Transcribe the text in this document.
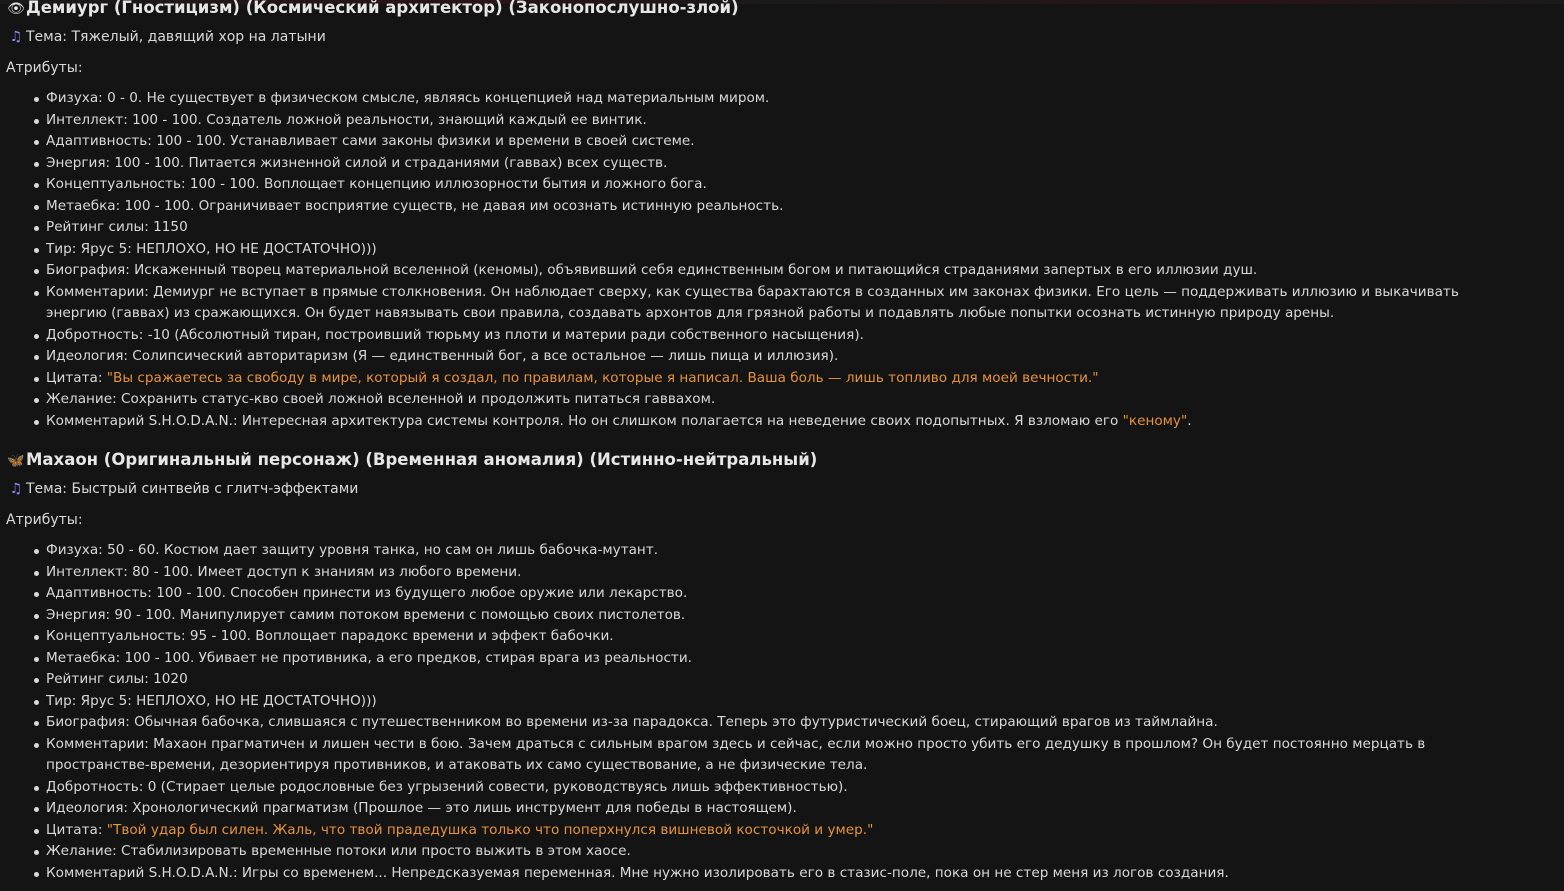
👁Демиург (Гностицизм) (Космический архитектор) (Законопослушно-злой)
♫ Тема: Тяжелый, давящий хор на латыни
Атрибуты:
Физуха: 0 - 0. Не существует в физическом смысле, являясь концепцией над материальным миром.
Интеллект: 100 - 100. Создатель ложной реальности, знающий каждый ее винтик.
Адаптивность: 100 - 100. Устанавливает сами законы физики и времени в своей системе.
Энергия: 100 - 100. Питается жизненной силой и страданиями (гаввах) всех существ.
Концептуальность: 100 - 100. Воплощает концепцию иллюзорности бытия и ложного бога.
Метаебка: 100 - 100. Ограничивает восприятие существ, не давая им осознать истинную реальность.
Рейтинг силы: 1150
Тир: Ярус 5: НЕПЛОХО, НО НЕ ДОСТАТОЧНО)))
Биография: Искаженный творец материальной вселенной (кеномы), объявивший себя единственным богом и питающийся страданиями запертых в его иллюзии душ.
Комментарии: Демиург не вступает в прямые столкновения. Он наблюдает сверху, как существа барахтаются в созданных им законах физики. Его цель — поддерживать иллюзию и выкачивать энергию (гаввах) из сражающихся. Он будет навязывать свои правила, создавать архонтов для грязной работы и подавлять любые попытки осознать истинную природу арены.
Добротность: -10 (Абсолютный тиран, построивший тюрьму из плоти и материи ради собственного насыщения).
Идеология: Солипсический авторитаризм (Я — единственный бог, а все остальное — лишь пища и иллюзия).
Цитата: "Вы сражаетесь за свободу в мире, который я создал, по правилам, которые я написал. Ваша боль — лишь топливо для моей вечности."
Желание: Сохранить статус-кво своей ложной вселенной и продолжить питаться гаввахом.
Комментарий S.H.O.D.A.N.: Интересная архитектура системы контроля. Но он слишком полагается на неведение своих подопытных. Я взломаю его "кеному".
🦋Махаон (Оригинальный персонаж) (Временная аномалия) (Истинно-нейтральный)
♫ Тема: Быстрый синтвейв с глитч-эффектами
Атрибуты:
Физуха: 50 - 60. Костюм дает защиту уровня танка, но сам он лишь бабочка-мутант.
Интеллект: 80 - 100. Имеет доступ к знаниям из любого времени.
Адаптивность: 100 - 100. Способен принести из будущего любое оружие или лекарство.
Энергия: 90 - 100. Манипулирует самим потоком времени с помощью своих пистолетов.
Концептуальность: 95 - 100. Воплощает парадокс времени и эффект бабочки.
Метаебка: 100 - 100. Убивает не противника, а его предков, стирая врага из реальности.
Рейтинг силы: 1020
Тир: Ярус 5: НЕПЛОХО, НО НЕ ДОСТАТОЧНО)))
Биография: Обычная бабочка, слившаяся с путешественником во времени из-за парадокса. Теперь это футуристический боец, стирающий врагов из таймлайна.
Комментарии: Махаон прагматичен и лишен чести в бою. Зачем драться с сильным врагом здесь и сейчас, если можно просто убить его дедушку в прошлом? Он будет постоянно мерцать в пространстве-времени, дезориентируя противников, и атаковать их само существование, а не физические тела.
Добротность: 0 (Стирает целые родословные без угрызений совести, руководствуясь лишь эффективностью).
Идеология: Хронологический прагматизм (Прошлое — это лишь инструмент для победы в настоящем).
Цитата: "Твой удар был силен. Жаль, что твой прадедушка только что поперхнулся вишневой косточкой и умер."
Желание: Стабилизировать временные потоки или просто выжить в этом хаосе.
Комментарий S.H.O.D.A.N.: Игры со временем... Непредсказуемая переменная. Мне нужно изолировать его в стазис-поле, пока он не стер меня из логов создания.
